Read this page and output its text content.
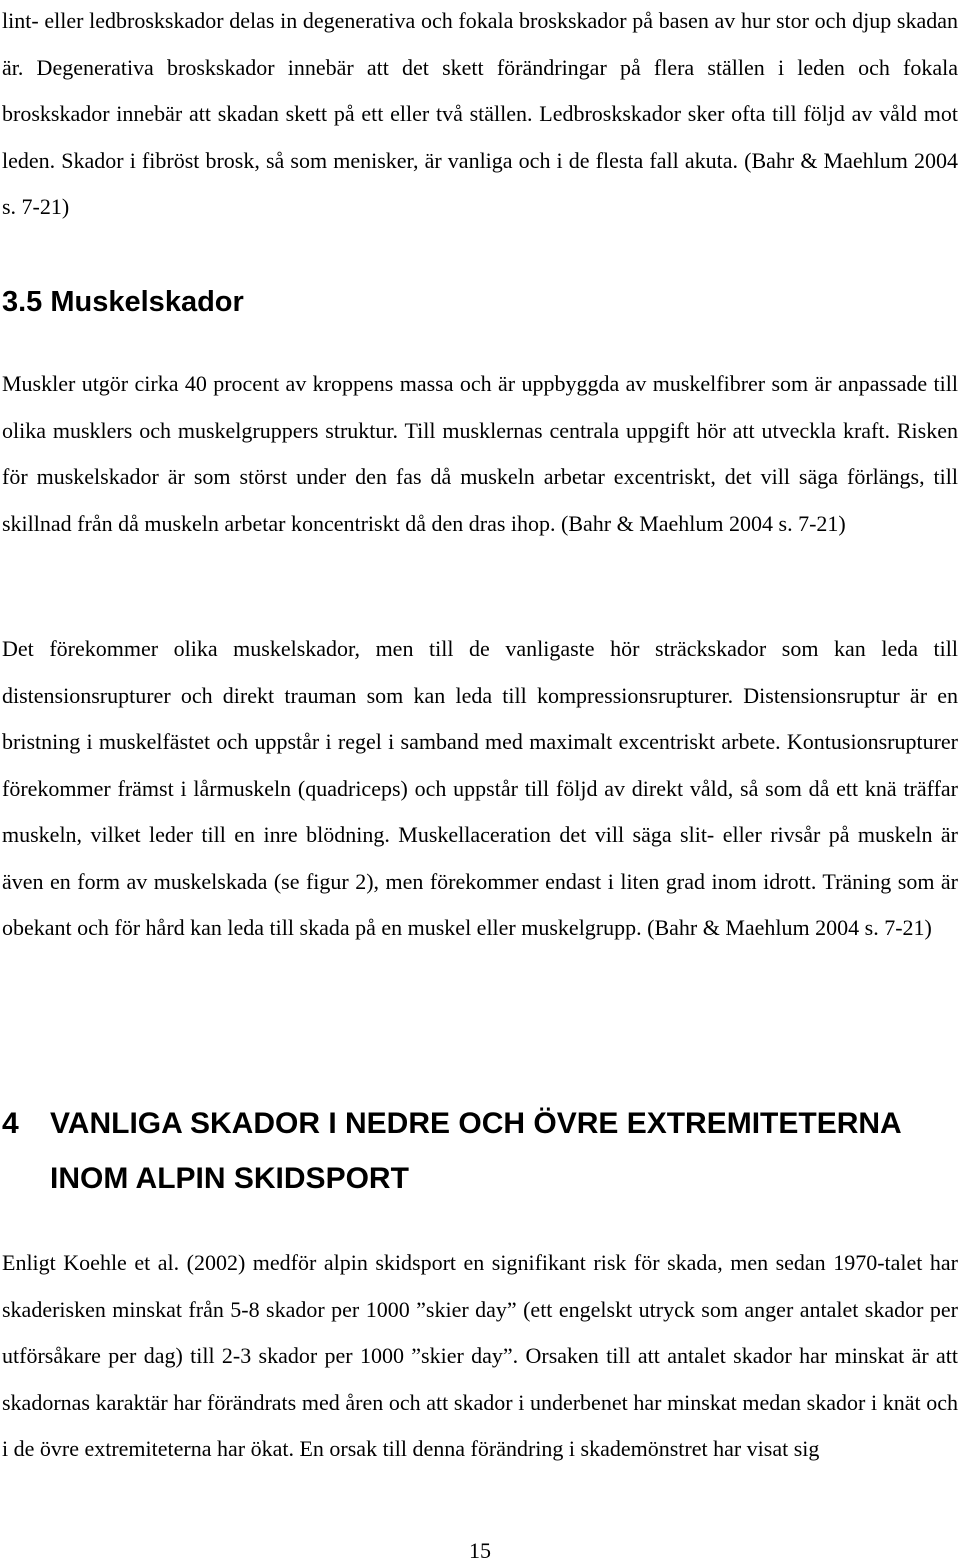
lint- eller ledbroskskador delas in degenerativa och fokala broskskador på basen av hur stor och djup skadan är. Degenerativa broskskador innebär att det skett förändringar på flera ställen i leden och fokala broskskador innebär att skadan skett på ett eller två ställen. Ledbroskskador sker ofta till följd av våld mot leden. Skador i fibröst brosk, så som menisker, är vanliga och i de flesta fall akuta. (Bahr & Maehlum 2004 s. 7-21)

3.5 Muskelskador

Muskler utgör cirka 40 procent av kroppens massa och är uppbyggda av muskelfibrer som är anpassade till olika musklers och muskelgruppers struktur. Till musklernas centrala uppgift hör att utveckla kraft. Risken för muskelskador är som störst under den fas då muskeln arbetar excentriskt, det vill säga förlängs, till skillnad från då muskeln arbetar koncentriskt då den dras ihop. (Bahr & Maehlum 2004 s. 7-21)

Det förekommer olika muskelskador, men till de vanligaste hör sträckskador som kan leda till distensionsrupturer och direkt trauman som kan leda till kompressionsrupturer. Distensionsruptur är en bristning i muskelfästet och uppstår i regel i samband med maximalt excentriskt arbete. Kontusionsrupturer förekommer främst i lårmuskeln (quadriceps) och uppstår till följd av direkt våld, så som då ett knä träffar muskeln, vilket leder till en inre blödning. Muskellaceration det vill säga slit- eller rivsår på muskeln är även en form av muskelskada (se figur 2), men förekommer endast i liten grad inom idrott. Träning som är obekant och för hård kan leda till skada på en muskel eller muskelgrupp. (Bahr & Maehlum 2004 s. 7-21)

4	VANLIGA SKADOR I NEDRE OCH ÖVRE EXTREMITETERNA INOM ALPIN SKIDSPORT

Enligt Koehle et al. (2002) medför alpin skidsport en signifikant risk för skada, men sedan 1970-talet har skaderisken minskat från 5-8 skador per 1000 ”skier day” (ett engelskt utryck som anger antalet skador per utförsåkare per dag) till 2-3 skador per 1000 ”skier day”. Orsaken till att antalet skador har minskat är att skadornas karaktär har förändrats med åren och att skador i underbenet har minskat medan skador i knät och i de övre extremiteterna har ökat. En orsak till denna förändring i skademönstret har visat sig

15
